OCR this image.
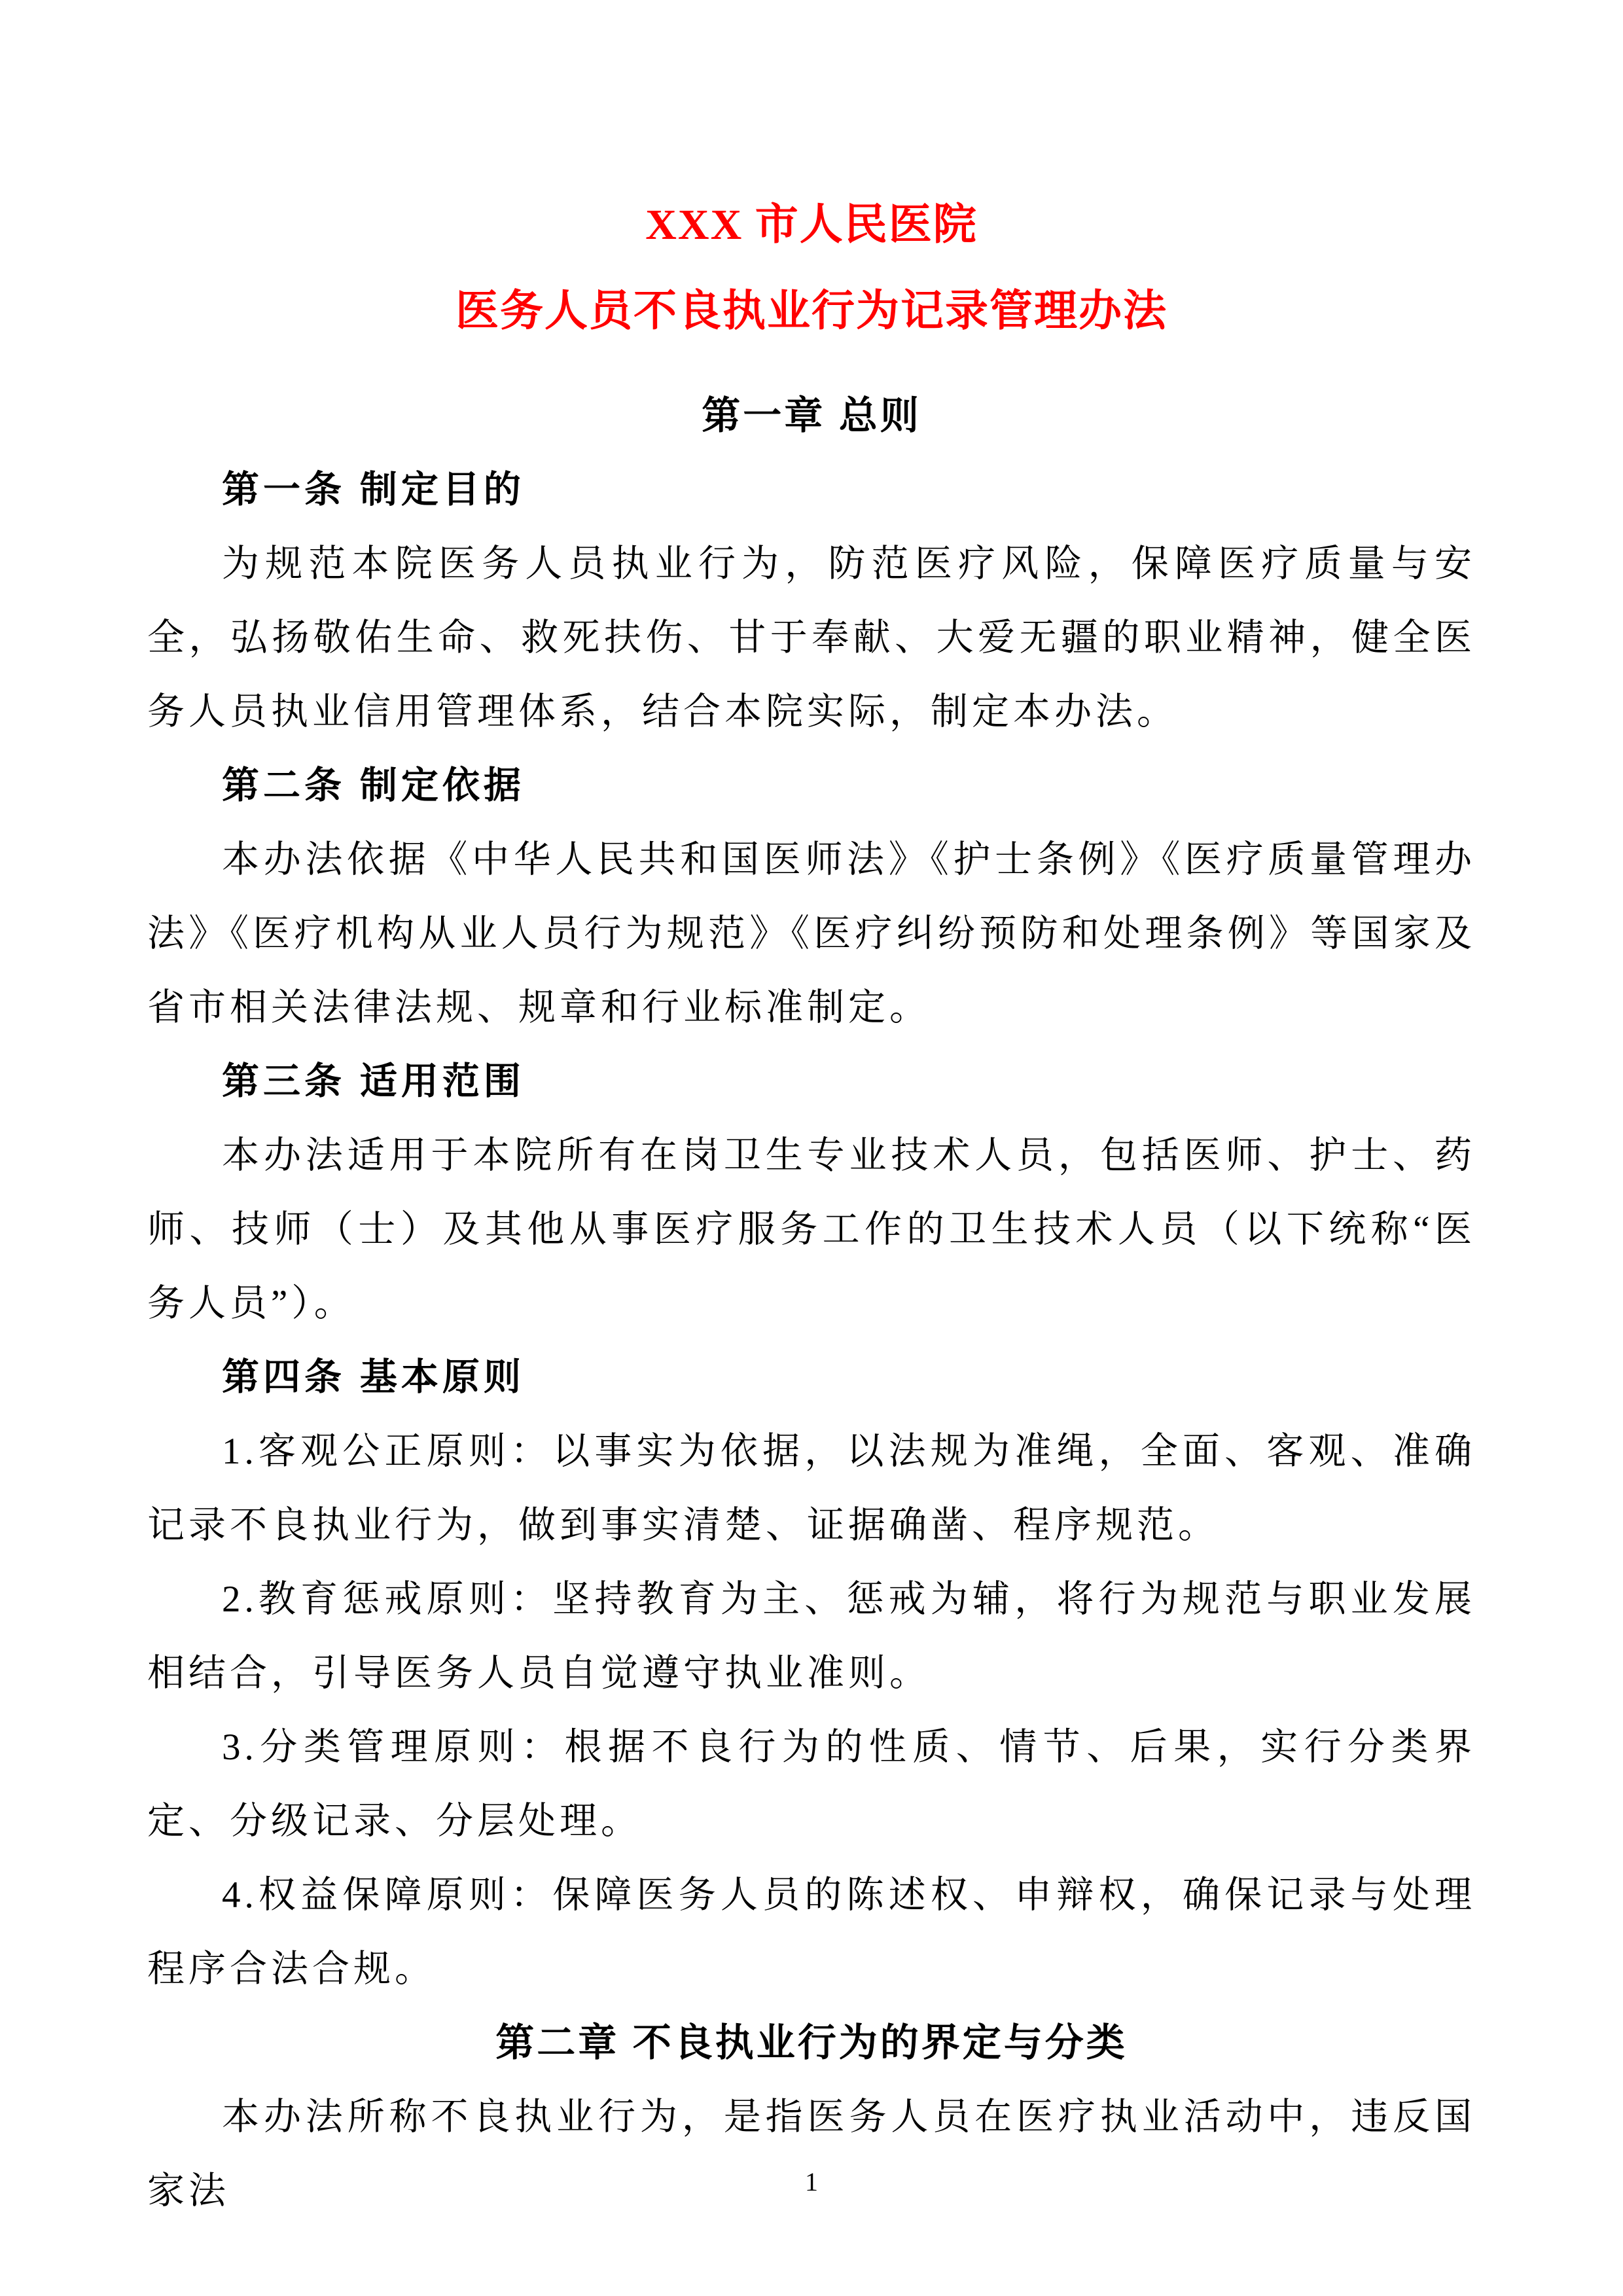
XXX 市人民医院
医务人员不良执业行为记录管理办法
第一章 总则
第一条 制定目的

为规范本院医务人员执业行为，防范医疗风险，保障医疗质量与安全，弘扬敬佑生命、救死扶伤、甘于奉献、大爱无疆的职业精神，健全医务人员执业信用管理体系，结合本院实际，制定本办法。

第二条 制定依据

本办法依据《中华人民共和国医师法》《护士条例》《医疗质量管理办法》《医疗机构从业人员行为规范》《医疗纠纷预防和处理条例》等国家及省市相关法律法规、规章和行业标准制定。

第三条 适用范围

本办法适用于本院所有在岗卫生专业技术人员，包括医师、护士、药师、技师（士）及其他从事医疗服务工作的卫生技术人员（以下统称“医务人员”）。

第四条 基本原则

1.客观公正原则：以事实为依据，以法规为准绳，全面、客观、准确记录不良执业行为，做到事实清楚、证据确凿、程序规范。

2.教育惩戒原则：坚持教育为主、惩戒为辅，将行为规范与职业发展相结合，引导医务人员自觉遵守执业准则。

3.分类管理原则：根据不良行为的性质、情节、后果，实行分类界定、分级记录、分层处理。

4.权益保障原则：保障医务人员的陈述权、申辩权，确保记录与处理程序合法合规。

第二章 不良执业行为的界定与分类

本办法所称不良执业行为，是指医务人员在医疗执业活动中，违反国家法	1
